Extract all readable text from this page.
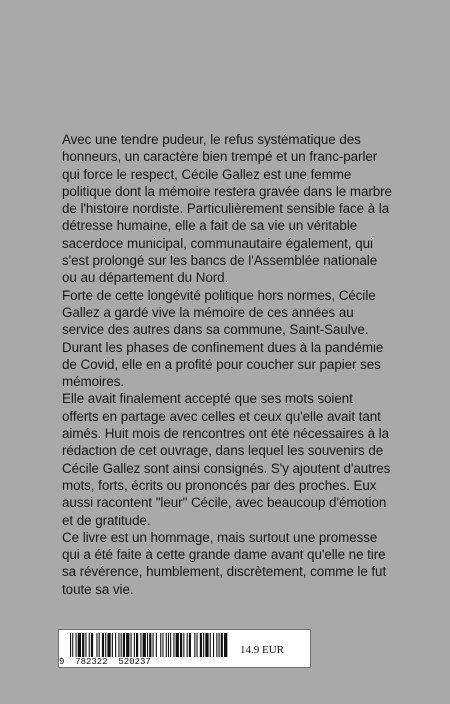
Avec une tendre pudeur, le refus systématique des honneurs, un caractère bien trempé et un franc-parler qui force le respect, Cécile Gallez est une femme politique dont la mémoire restera gravée dans le marbre de l'histoire nordiste. Particulièrement sensible face à la détresse humaine, elle a fait de sa vie un véritable sacerdoce municipal, communautaire également, qui s'est prolongé sur les bancs de l'Assemblée nationale ou au département du Nord.

Forte de cette longévité politique hors normes, Cécile Gallez a gardé vive la mémoire de ces années au service des autres dans sa commune, Saint-Saulve. Durant les phases de confinement dues à la pandémie de Covid, elle en a profité pour coucher sur papier ses mémoires.

Elle avait finalement accepté que ses mots soient offerts en partage avec celles et ceux qu'elle avait tant aimés. Huit mois de rencontres ont été nécessaires à la rédaction de cet ouvrage, dans lequel les souvenirs de Cécile Gallez sont ainsi consignés. S'y ajoutent d'autres mots, forts, écrits ou prononcés par des proches. Eux aussi racontent "leur" Cécile, avec beaucoup d'émotion et de gratitude.

Ce livre est un hommage, mais surtout une promesse qui a été faite à cette grande dame avant qu'elle ne tire sa révérence, humblement, discrètement, comme le fut toute sa vie.

9  782322  520237
14.9 EUR
